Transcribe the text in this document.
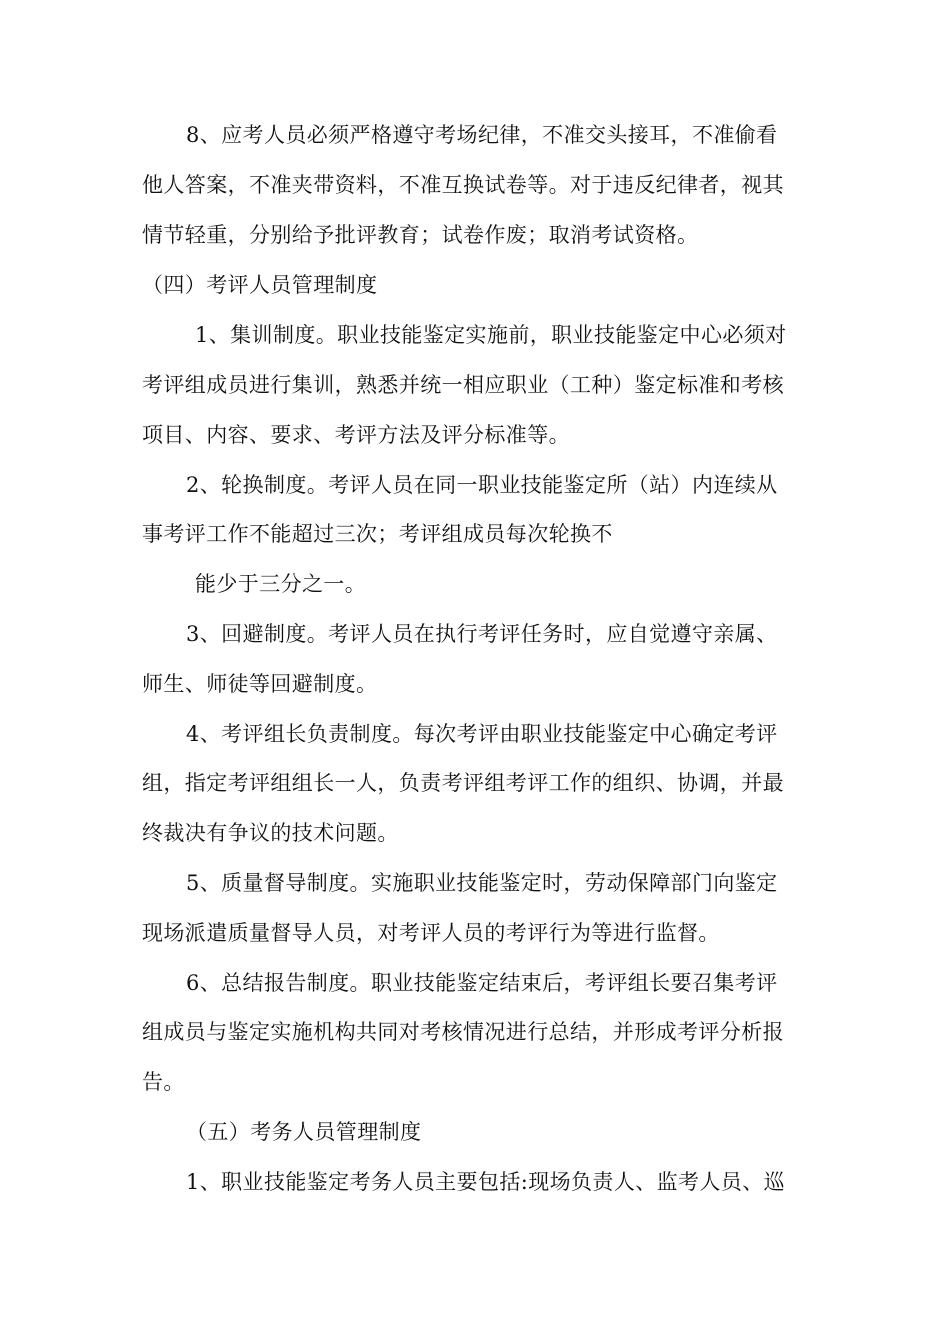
8、应考人员必须严格遵守考场纪律，不准交头接耳，不准偷看
他人答案，不准夹带资料，不准互换试卷等。对于违反纪律者，视其
情节轻重，分别给予批评教育；试卷作废；取消考试资格。
（四）考评人员管理制度
1、集训制度。职业技能鉴定实施前，职业技能鉴定中心必须对
考评组成员进行集训，熟悉并统一相应职业（工种）鉴定标准和考核
项目、内容、要求、考评方法及评分标准等。
2、轮换制度。考评人员在同一职业技能鉴定所（站）内连续从
事考评工作不能超过三次；考评组成员每次轮换不
能少于三分之一。
3、回避制度。考评人员在执行考评任务时，应自觉遵守亲属、
师生、师徒等回避制度。
4、考评组长负责制度。每次考评由职业技能鉴定中心确定考评
组，指定考评组组长一人，负责考评组考评工作的组织、协调，并最
终裁决有争议的技术问题。
5、质量督导制度。实施职业技能鉴定时，劳动保障部门向鉴定
现场派遣质量督导人员，对考评人员的考评行为等进行监督。
6、总结报告制度。职业技能鉴定结束后，考评组长要召集考评
组成员与鉴定实施机构共同对考核情况进行总结，并形成考评分析报
告。
（五）考务人员管理制度
1、职业技能鉴定考务人员主要包括:现场负责人、监考人员、巡
